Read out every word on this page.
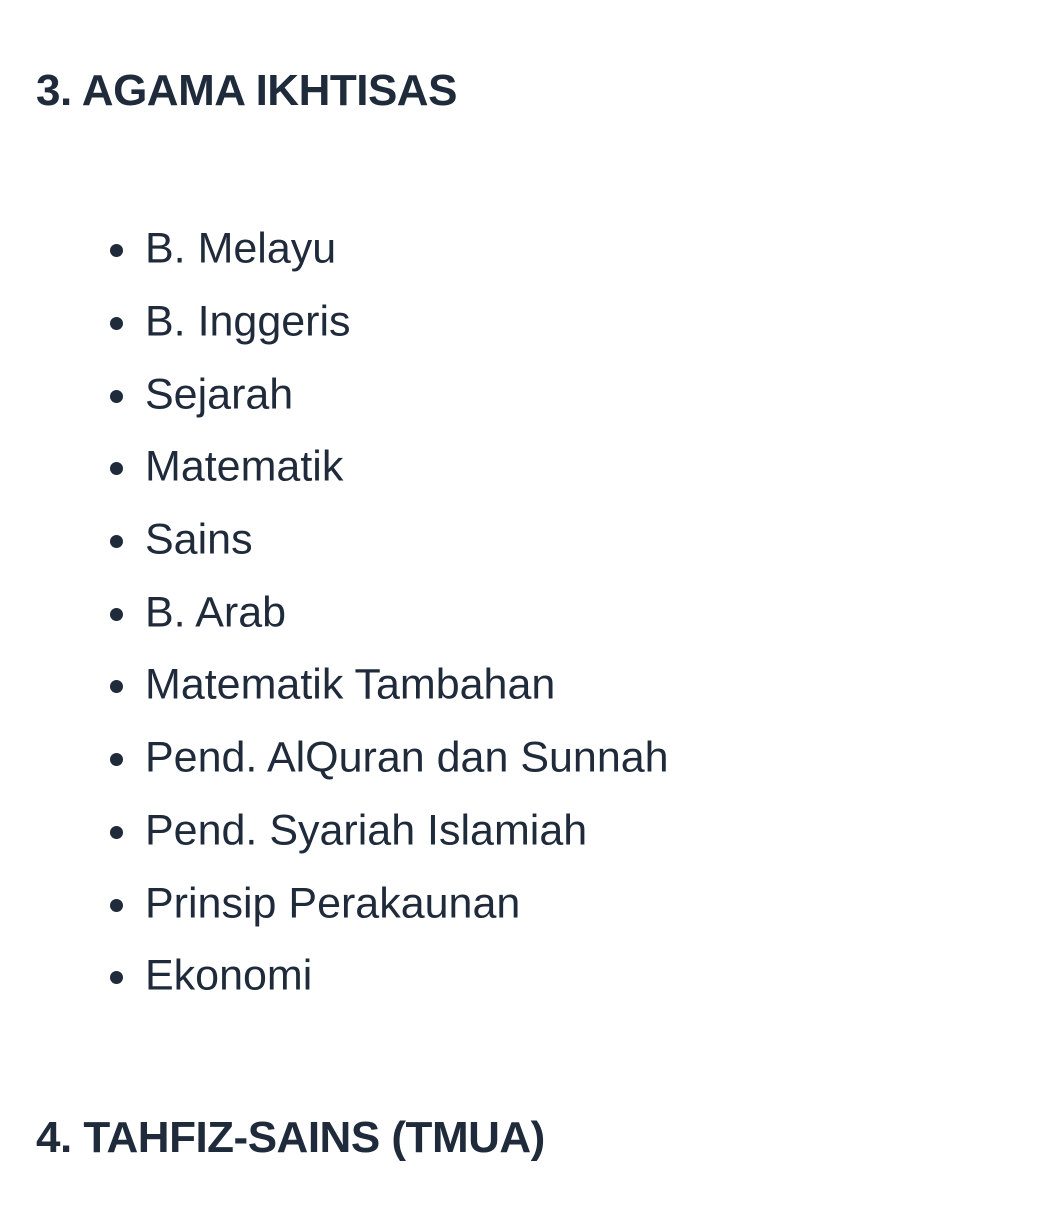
3. AGAMA IKHTISAS
B. Melayu
B. Inggeris
Sejarah
Matematik
Sains
B. Arab
Matematik Tambahan
Pend. AlQuran dan Sunnah
Pend. Syariah Islamiah
Prinsip Perakaunan
Ekonomi
4. TAHFIZ-SAINS (TMUA)
